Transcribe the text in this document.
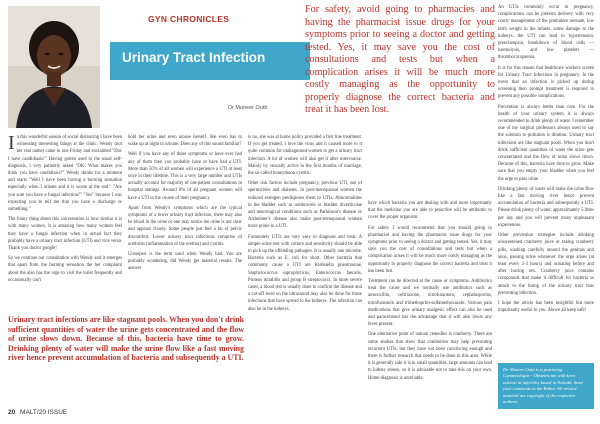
GYN CHRONICLES
Urinary Tract Infection
Dr Muneer Outti

For safety, avoid going to pharmacies and having the pharmacist issue drugs for your symptoms prior to seeing a doctor and getting tested. Yes, it may save you the cost of consultations and tests but when a complication arises it will be much more costly managing as the opportunity to properly diagnose the correct bacteria and treat it has been lost.

In this wonderful season of social distancing I have been witnessing interesting things at the clinic. Wendy (not her real name) came in one Friday and exclaimed "Doc I have candidiasis!" Having gotten used to the usual self-diagnosis, I very patiently asked "OK! What makes you think you have candidiasis?" Wendy thinks for a moment and starts "Well I have been having a burning sensation especially when I urinate and it is worse at the end." "Are you sure you have a fungal infection?" "Yes" because I was expecting you to tell me that you have a discharge or something."

The funny thing about this conversation is how similar it is with many women. It is amazing how many women feel they have a fungal infection when in actual fact they probably have a urinary tract infection (UTI) and vice versa. Thank you doctor google!

So we continue our consultation with Wendy and it emerges that apart from the burning sensation the her complaint about the also has the urge to visit the toilet frequently and occasionally can't

hold her urine and even arouse herself. She even has to wake up at night to urinate. Does any of this sound familiar?

Well if you have any of these symptoms or have ever had any of them then you probably have or have had a UTI. More than 50% of all women will experience a UTI at least once in their lifetime. This is a very large number and UTIs actually account for majority of out-patient consultations in hospital settings. Around 8% of all pregnant women will have a UTI in the course of their pregnancy.

Apart from Wendy's symptoms which are the typical symptoms of a lower urinary tract infection, there may also be blood in the urine or one may notice the urine is not clear and appears cloudy. Some people just feel a bit of pelvic discomfort. Lower urinary tract infections comprise of urethritis (inflammation of the urethra) and cystitis.

Urosepsis is the term used when Wendy had. You are probably wondering, did Wendy get material results. The answer

Urinary tract infections are like stagnant pools. When you don't drink sufficient quantities of water the urine gets concentrated and the flow of urine slows down. Because of this, bacteria have time to grow. Drinking plenty of water will make the urine flow like a fast moving river hence prevent accumulation of bacteria and subsequently a UTI.

is no, she was at home policy provided a first line treatment. If you get treated, I love the virus and it caused more to it quite common for undiagnosed women to get a urinary tract infection. A lot of women will also get it after intercourse. Mainly by sexually active in the first months of marriage, the so-called honeymoon cystitis.

Other risk factors include pregnancy, previous UTI, use of spermicides and diabetes. In post-menopausal women the reduced estrogen predisposes them to UTIs. Abnormalities in the bladder such as urethrocele or bladder diverticulae and neurological conditions such as Parkinson's disease or Alzheimer's disease also make post-menopausal women more prone to a UTI.

Fortunately UTIs are very easy to diagnose and treat. A simple urine test with culture and sensitivity should be able to pick up the offending pathogen. It is usually one microbe. Bacteria such as E. coli for short. Other bacteria that commonly cause a UTI are Klebsiella pneumoniae, Staphylococcus saprophyticus, Enterococcus faecalis, Proteus mirabilis and group B streptococci. In more severe cases, a blood test is usually done to confirm the disease and a cut-off level on the ultrasound may also be done for those infections that have spread to the kidneys. The infection can also be in the kidneys.

have which bacteria you are dealing with and more importantly that the medicine you are able to prescribe will be antibiotic to cover the proper organism.

For safety I would recommend that you should going to pharmacies and having the pharmacist issue drugs for your symptoms prior to seeing a doctor and getting tested. Yes, it may save you the cost of consultations and tests but when a complication arises it will be much more costly managing as the opportunity to properly diagnose the correct bacteria and treat it has been lost.

Treatment can be directed at the cause or symptoms. Antibiotics treat the cause and we normally use antibiotics such as amoxicillin, ceftriaxone, nitrofurantoin, cephalosporins, nitrofurantoin and trimethoprim-sulfamethoxazole. Various pain medications that give urinary analgesic effect can also be used and paracetamol has the advantage that it will also lower any fever present.

One alternative point of natural remedies is cranberry. There are some studies that show that cranberries may help preventing recurrent UTIs, but they have not been convincing enough and there is further research that needs to be done in this area. While it is generally safe it is in small quantities, large amounts can lead to kidney stones, so it is advisable not to take this on your own. Home diagnosis is unreliable.

An UTIs commonly occur in pregnancy, complications can be preterm delivery with very costly management of the premature neonate, low birth weight in the infants, some damage to the kidneys, the UTI can lead to hypertension, preeclampsia, breakdown of blood cells — haemolysis, and low platelets — thrombocytopaenia.

It is for this reason that healthcare workers screen for Urinary Tract Infections in pregnancy. In the event that an infection is picked up during screening then prompt treatment is required to prevent any possible complications.

Prevention is always better than cure. For the health of your urinary system it is always recommended to drink plenty of water. I remember one of my surgical professors always used to say the solution to pollution is dilution. Urinary tract infections are like stagnant pools. When you don't drink sufficient quantities of water the urine gets concentrated and the flow of urine slows down. Because of this, bacteria have time to grow. Make sure that you empty your bladder when you feel the urge to pass urine.

Drinking plenty of water will make the urine flow like a fast moving river hence prevent accumulation of bacteria and subsequently a UTI. Please drink plenty of water, approximately 5 litres per day and you will prevent many unpleasant experiences.

Other prevention strategies include drinking unsweetened cranberry juice or taking cranberry pills, washing carefully around the genitals and anus, passing urine whenever the urge arises (at least every 2-3 hours) and urinating before and after having sex. Cranberry juice contains compounds that make it difficult for bacteria to attach to the lining of the urinary tract thus preventing infection.

I hope the article has been insightful but more importantly useful to you. Above all keep safe!

Dr. Muneer Outti is a practising Gynaecologist - Obstetrician with keen interest in infertility based in Nairobi. Send your comments to the Editor. All related material are copyright of the respective authors.

20 MALT/20 ISSUE
